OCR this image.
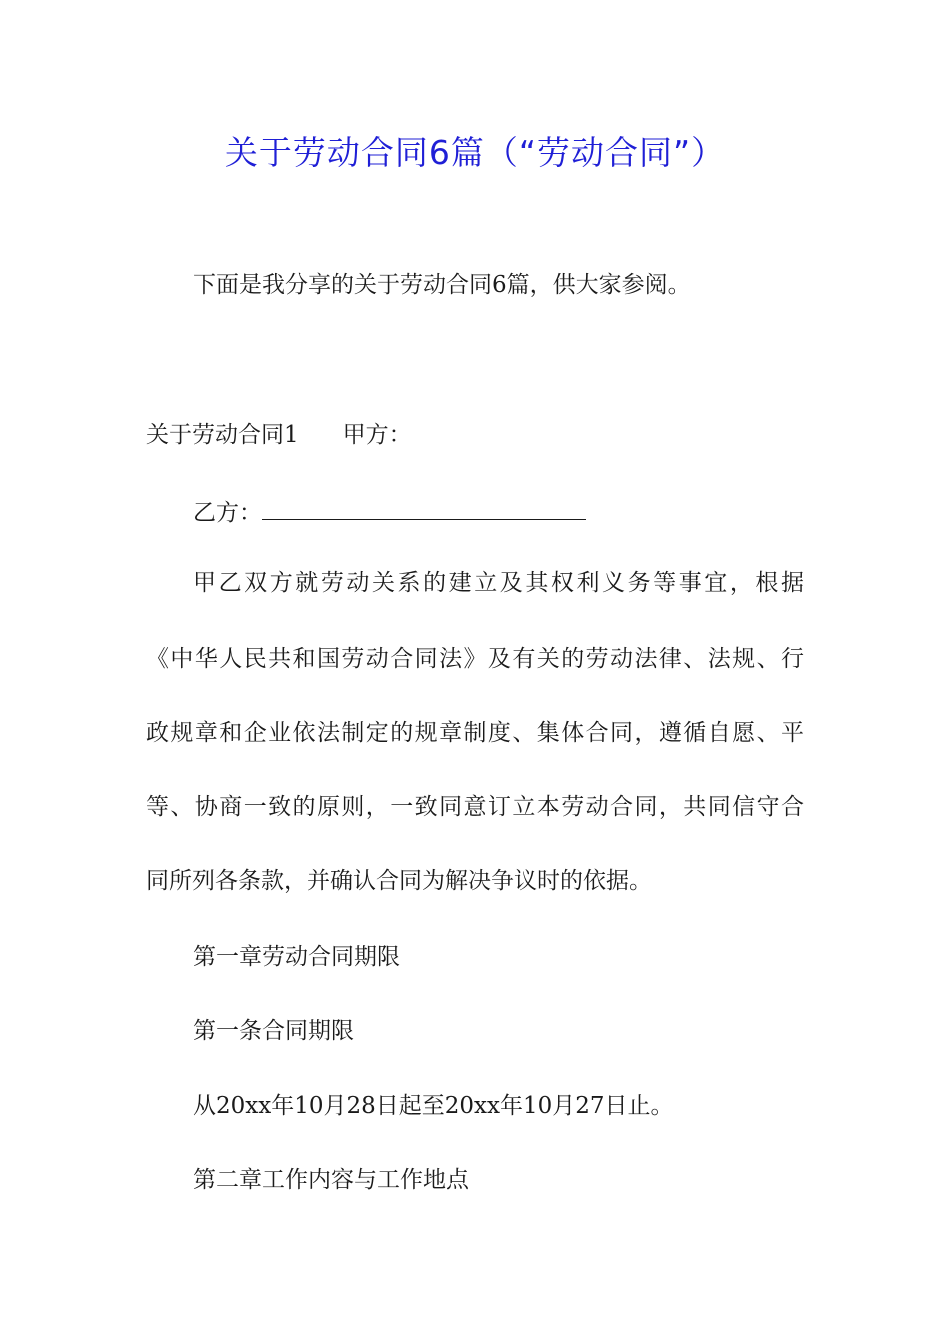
关于劳动合同6篇（“劳动合同”）
下面是我分享的关于劳动合同6篇，供大家参阅。
关于劳动合同1 甲方：
乙方：
甲乙双方就劳动关系的建立及其权利义务等事宜，根据
《中华人民共和国劳动合同法》及有关的劳动法律、法规、行
政规章和企业依法制定的规章制度、集体合同，遵循自愿、平
等、协商一致的原则，一致同意订立本劳动合同，共同信守合
同所列各条款，并确认合同为解决争议时的依据。
第一章劳动合同期限
第一条合同期限
从20xx年10月28日起至20xx年10月27日止。
第二章工作内容与工作地点
